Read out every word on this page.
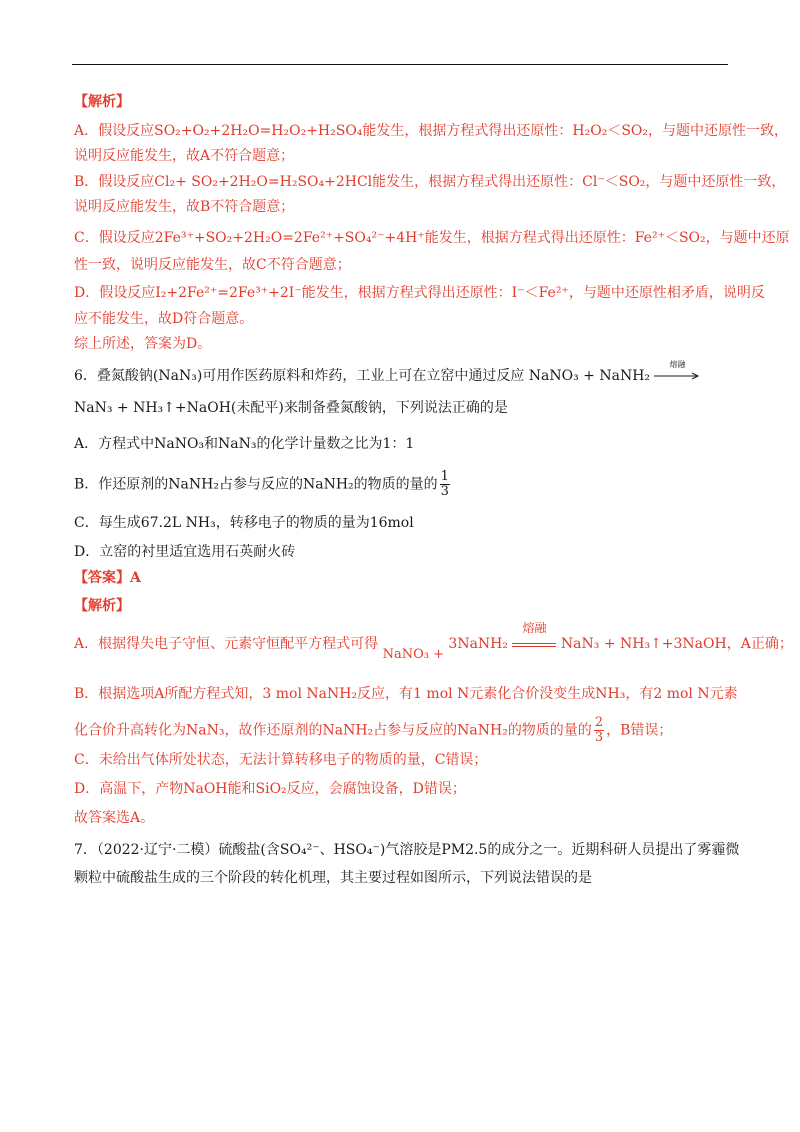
【解析】
A．假设反应SO₂+O₂+2H₂O=H₂O₂+H₂SO₄能发生，根据方程式得出还原性：H₂O₂＜SO₂，与题中还原性一致，
说明反应能发生，故A不符合题意；
B．假设反应Cl₂+ SO₂+2H₂O=H₂SO₄+2HCl能发生，根据方程式得出还原性：Cl⁻＜SO₂，与题中还原性一致，
说明反应能发生，故B不符合题意；
C．假设反应2Fe³⁺+SO₂+2H₂O=2Fe²⁺+SO₄²⁻+4H⁺能发生，根据方程式得出还原性：Fe²⁺＜SO₂，与题中还原
性一致，说明反应能发生，故C不符合题意；
D．假设反应I₂+2Fe²⁺=2Fe³⁺+2I⁻能发生，根据方程式得出还原性：I⁻＜Fe²⁺，与题中还原性相矛盾，说明反
应不能发生，故D符合题意。
综上所述，答案为D。
6．叠氮酸钠(NaN₃)可用作医药原料和炸药，工业上可在立窑中通过反应 NaNO₃ + NaNH₂
熔融
NaN₃ + NH₃↑+NaOH(未配平)来制备叠氮酸钠，下列说法正确的是
A．方程式中NaNO₃和NaN₃的化学计量数之比为1：1
B．作还原剂的NaNH₂占参与反应的NaNH₂的物质的量的 $\frac{1}{3}$
C．每生成67.2L NH₃，转移电子的物质的量为16mol
D．立窑的衬里适宜选用石英耐火砖
【答案】A
【解析】
A．根据得失电子守恒、元素守恒配平方程式可得 NaNO₃ + 3NaNH₂
熔融
NaN₃ + NH₃↑+3NaOH，A正确；
B．根据选项A所配方程式知，3 mol NaNH₂反应，有1 mol N元素化合价没变生成NH₃，有2 mol N元素
化合价升高转化为NaN₃，故作还原剂的NaNH₂占参与反应的NaNH₂的物质的量的 $\frac{2}{3}$ ，B错误；
C．未给出气体所处状态，无法计算转移电子的物质的量，C错误；
D．高温下，产物NaOH能和SiO₂反应，会腐蚀设备，D错误；
故答案选A。
7．（2022·辽宁·二模）硫酸盐(含SO₄²⁻、HSO₄⁻)气溶胶是PM2.5的成分之一。近期科研人员提出了雾霾微
颗粒中硫酸盐生成的三个阶段的转化机理，其主要过程如图所示，下列说法错误的是
